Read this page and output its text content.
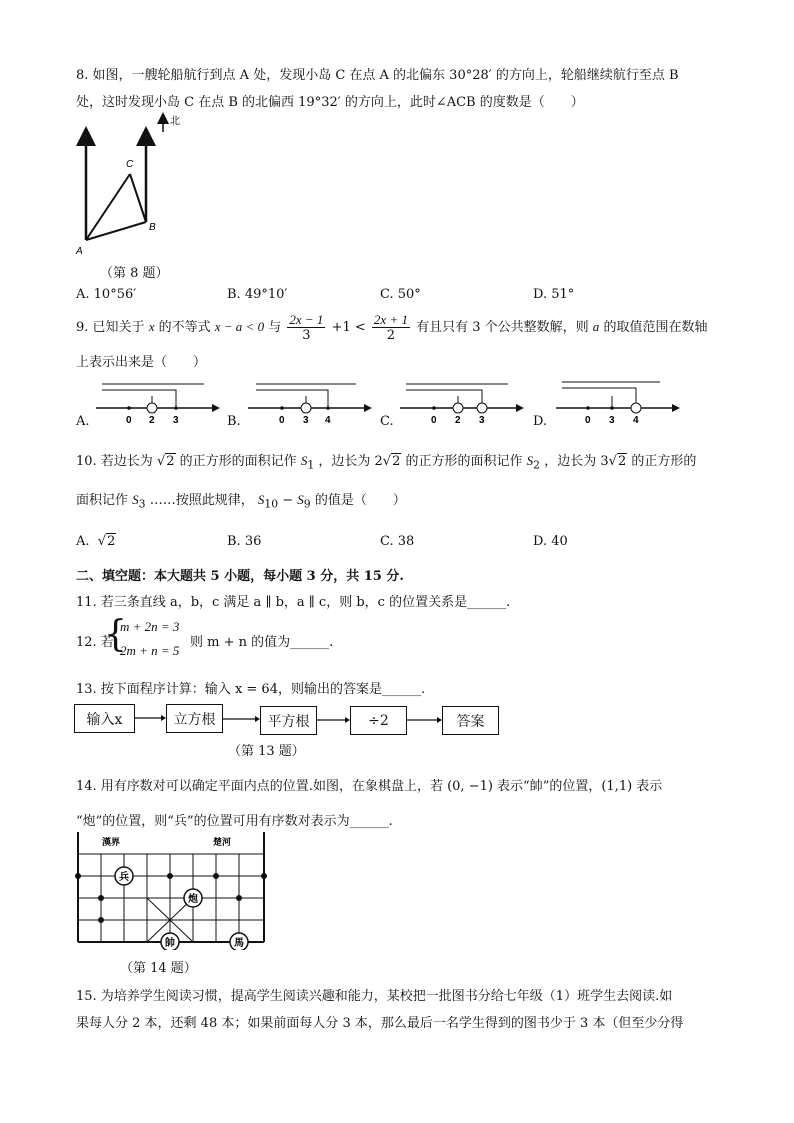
8. 如图，一艘轮船航行到点 A 处，发现小岛 C 在点 A 的北偏东 30°28′ 的方向上，轮船继续航行至点 B
处，这时发现小岛 C 在点 B 的北偏西 19°32′ 的方向上，此时∠ACB 的度数是（　　）
北
A
B
C
（第 8 题）
A. 10°56′	B. 49°10′	C. 50°	D. 51°
9. 已知关于 x 的不等式 x − a < 0 与 $\frac{2x - 1}{3} +1 < \frac{2x + 1}{2}$ 有且只有 3 个公共整数解，则 a 的取值范围在数轴
上表示出来是（　　）
A.	0 2 3	B.	0 3 4	C.	0 2 3	D.	0 3 4
10. 若边长为 √2 的正方形的面积记作 $S_1$ ，边长为 2√2 的正方形的面积记作 $S_2$ ，边长为 3√2 的正方形的
面积记作 $S_3$ ……按照此规律， $S_{10} - S_9$ 的值是（　　）
A. √2	B. 36	C. 38	D. 40
二、填空题：本大题共 5 小题，每小题 3 分，共 15 分.
11. 若三条直线 a，b，c 满足 a ∥ b，a ∥ c，则 b，c 的位置关系是______.
12. 若
{
m + 2n = 3
2m + n = 5
则 m + n 的值为______.
13. 按下面程序计算：输入 x = 64，则输出的答案是______.
输入x	立方根	平方根	÷2	答案
（第 13 题）
14. 用有序数对可以确定平面内点的位置.如图，在象棋盘上，若 (0, −1) 表示“帥”的位置，(1,1) 表示
“炮”的位置，则“兵”的位置可用有序数对表示为______.
漢界	楚河
兵
炮
帥	馬
（第 14 题）
15. 为培养学生阅读习惯，提高学生阅读兴趣和能力，某校把一批图书分给七年级（1）班学生去阅读.如
果每人分 2 本，还剩 48 本；如果前面每人分 3 本，那么最后一名学生得到的图书少于 3 本（但至少分得
